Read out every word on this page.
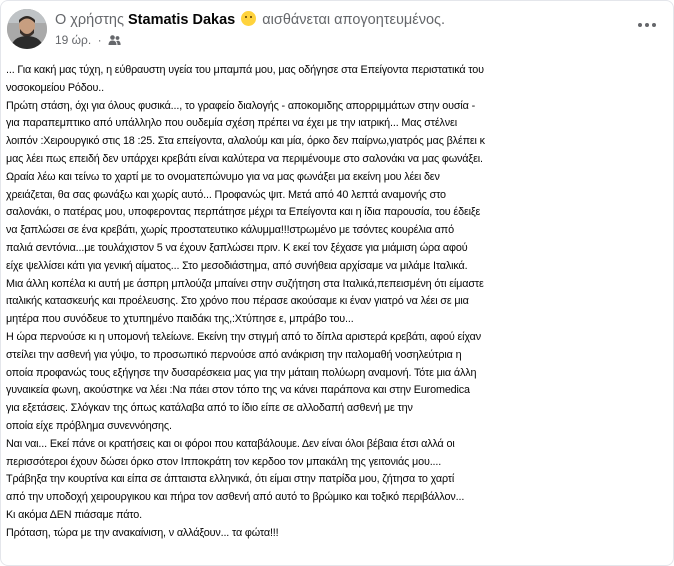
Ο χρήστης Stamatis Dakas αισθάνεται απογοητευμένος.
19 ώρ. ·

... Για κακή μας τύχη, η εύθραυστη υγεία του μπαμπά μου, μας οδήγησε στα Επείγοντα περιστατικά του

νοσοκομείου Ρόδου..

Πρώτη στάση, όχι για όλους φυσικά..., το γραφείο διαλογής - αποκομιδης απορριμμάτων στην ουσία -

για παραπεμπτικο από υπάλληλο που ουδεμία σχέση πρέπει να έχει με την ιατρική... Μας στέλνει

λοιπόν :Χειρουργικό στις 18 :25. Στα επείγοντα, αλαλούμ και μία, όρκο δεν παίρνω,γιατρός μας βλέπει κ

μας λέει πως επειδή δεν υπάρχει κρεβάτι είναι καλύτερα να περιμένουμε στο σαλονάκι να μας φωνάξει.

Ωραία λέω και τείνω το χαρτί με το ονοματεπώνυμο για να μας φωνάξει μα εκείνη μου λέει δεν

χρειάζεται, θα σας φωνάξω και χωρίς αυτό... Προφανώς ψιτ. Μετά από 40 λεπτά αναμονής στο

σαλονάκι, ο πατέρας μου, υποφεροντας περπάτησε μέχρι τα Επείγοντα και η ίδια παρουσία, του έδειξε

να ξαπλώσει σε ένα κρεβάτι, χωρίς προστατευτικο κάλυμμα!!!στρωμένο με τσόντες κουρέλια από

παλιά σεντόνια...με τουλάχιστον 5 να έχουν ξαπλώσει πριν. Κ εκεί τον ξέχασε για μιάμιση ώρα αφού

είχε ψελλίσει κάτι για γενική αίματος... Στο μεσοδιάστημα, από συνήθεια αρχίσαμε να μιλάμε Ιταλικά.

Μια άλλη κοπέλα κι αυτή με άσπρη μπλούζα μπαίνει στην συζήτηση στα Ιταλικά,πεπεισμένη ότι είμαστε

ιταλικής κατασκευής και προέλευσης. Στο χρόνο που πέρασε ακούσαμε κι έναν γιατρό να λέει σε μια

μητέρα που συνόδευε το χτυπημένο παιδάκι της,:Χτύπησε ε, μπράβο του...

Η ώρα περνούσε κι η υπομονή τελείωνε. Εκείνη την στιγμή από το δίπλα αριστερά κρεβάτι, αφού είχαν

στείλει την ασθενή για γύψο, το προσωπικό περνούσε από ανάκριση την ιταλομαθή νοσηλεύτρια η

οποία προφανώς τους εξήγησε την δυσαρέσκεια μας για την μάταιη πολύωρη αναμονή. Τότε μια άλλη

γυναικεία φωνη, ακούστηκε να λέει :Να πάει στον τόπο της να κάνει παράπονα και στην Euromedica

για εξετάσεις. Σλόγκαν της όπως κατάλαβα από το ίδιο είπε σε αλλοδαπή ασθενή με την

οποία είχε πρόβλημα συνεννόησης.

Ναι ναι... Εκεί πάνε οι κρατήσεις και οι φόροι που καταβάλουμε. Δεν είναι όλοι βέβαια έτσι αλλά οι

περισσότεροι έχουν δώσει όρκο στον Ιπποκράτη τον κερδοο τον μπακάλη της γειτονιάς μου....

Τράβηξα την κουρτίνα και είπα σε άπταιστα ελληνικά, ότι είμαι στην πατρίδα μου, ζήτησα το χαρτί

από την υποδοχή χειρουργικου και πήρα τον ασθενή από αυτό το βρώμικο και τοξικό περιβάλλον...

Κι ακόμα ΔΕΝ πιάσαμε πάτο.

Πρόταση, τώρα με την ανακαίνιση, ν αλλάξουν... τα φώτα!!!
